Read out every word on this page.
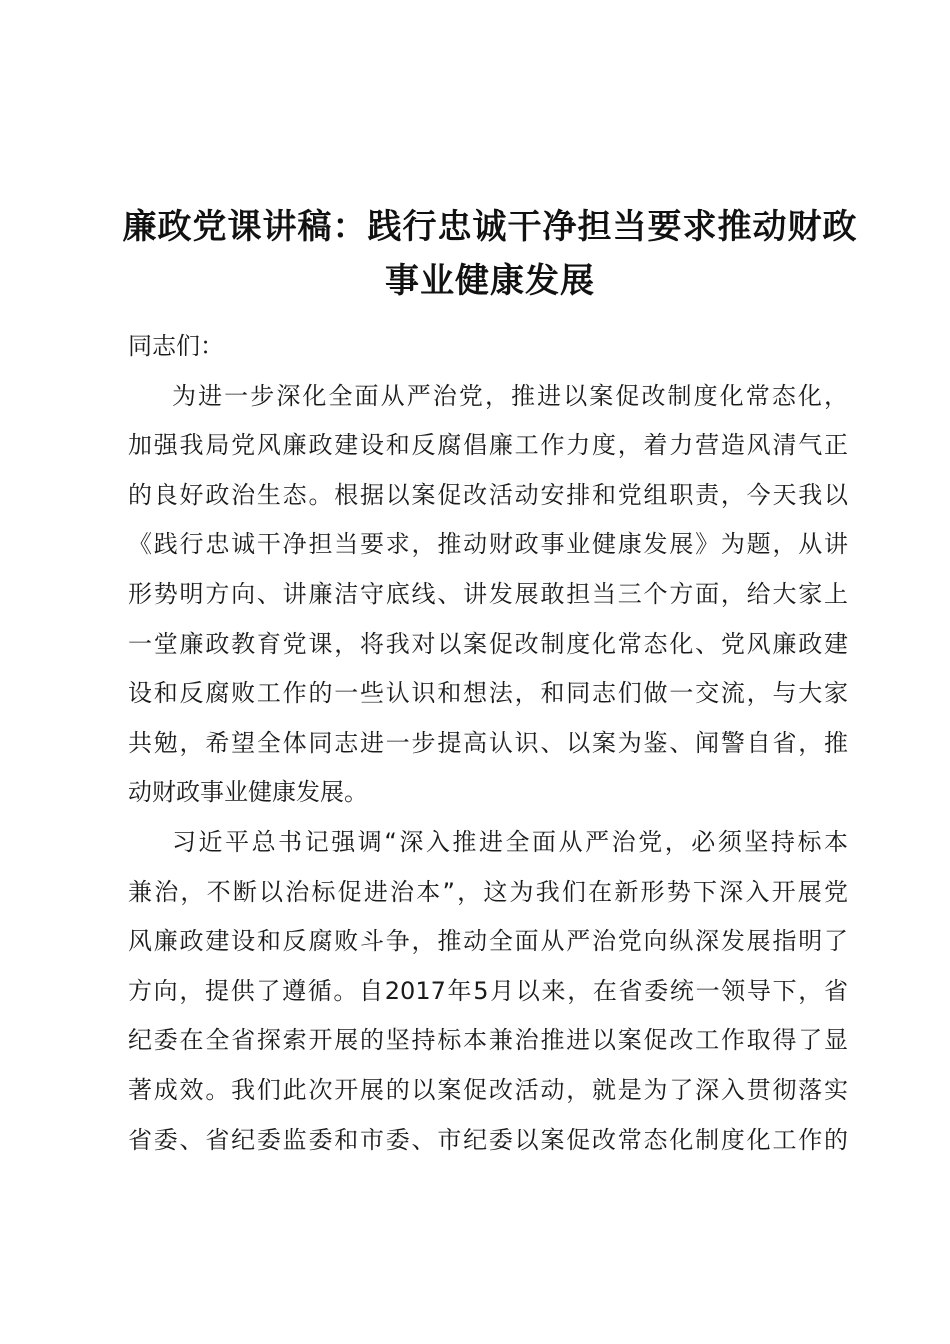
廉政党课讲稿：践行忠诚干净担当要求推动财政
事业健康发展
同志们：
为进一步深化全面从严治党，推进以案促改制度化常态化，
加强我局党风廉政建设和反腐倡廉工作力度，着力营造风清气正
的良好政治生态。根据以案促改活动安排和党组职责，今天我以
《践行忠诚干净担当要求，推动财政事业健康发展》为题，从讲
形势明方向、讲廉洁守底线、讲发展敢担当三个方面，给大家上
一堂廉政教育党课，将我对以案促改制度化常态化、党风廉政建
设和反腐败工作的一些认识和想法，和同志们做一交流，与大家
共勉，希望全体同志进一步提高认识、以案为鉴、闻警自省，推
动财政事业健康发展。
习近平总书记强调“深入推进全面从严治党，必须坚持标本
兼治，不断以治标促进治本”，这为我们在新形势下深入开展党
风廉政建设和反腐败斗争，推动全面从严治党向纵深发展指明了
方向，提供了遵循。自2017年5月以来，在省委统一领导下，省
纪委在全省探索开展的坚持标本兼治推进以案促改工作取得了显
著成效。我们此次开展的以案促改活动，就是为了深入贯彻落实
省委、省纪委监委和市委、市纪委以案促改常态化制度化工作的
